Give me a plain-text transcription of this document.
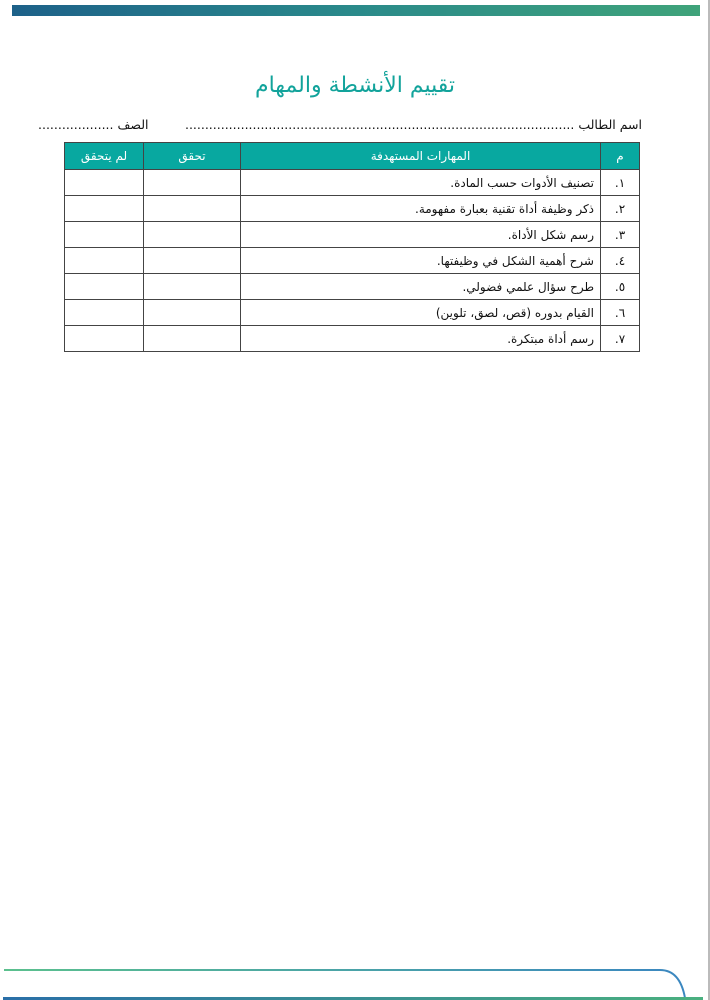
تقييم الأنشطة والمهام
اسم الطالب ..................................................................................................
الصف ...................
م	المهارات المستهدفة	تحقق	لم يتحقق
١.	تصنيف الأدوات حسب المادة.		
٢.	ذكر وظيفة أداة تقنية بعبارة مفهومة.		
٣.	رسم شكل الأداة.		
٤.	شرح أهمية الشكل في وظيفتها.		
٥.	طرح سؤال علمي فضولي.		
٦.	القيام بدوره (قص، لصق، تلوين)		
٧.	رسم أداة مبتكرة.		
